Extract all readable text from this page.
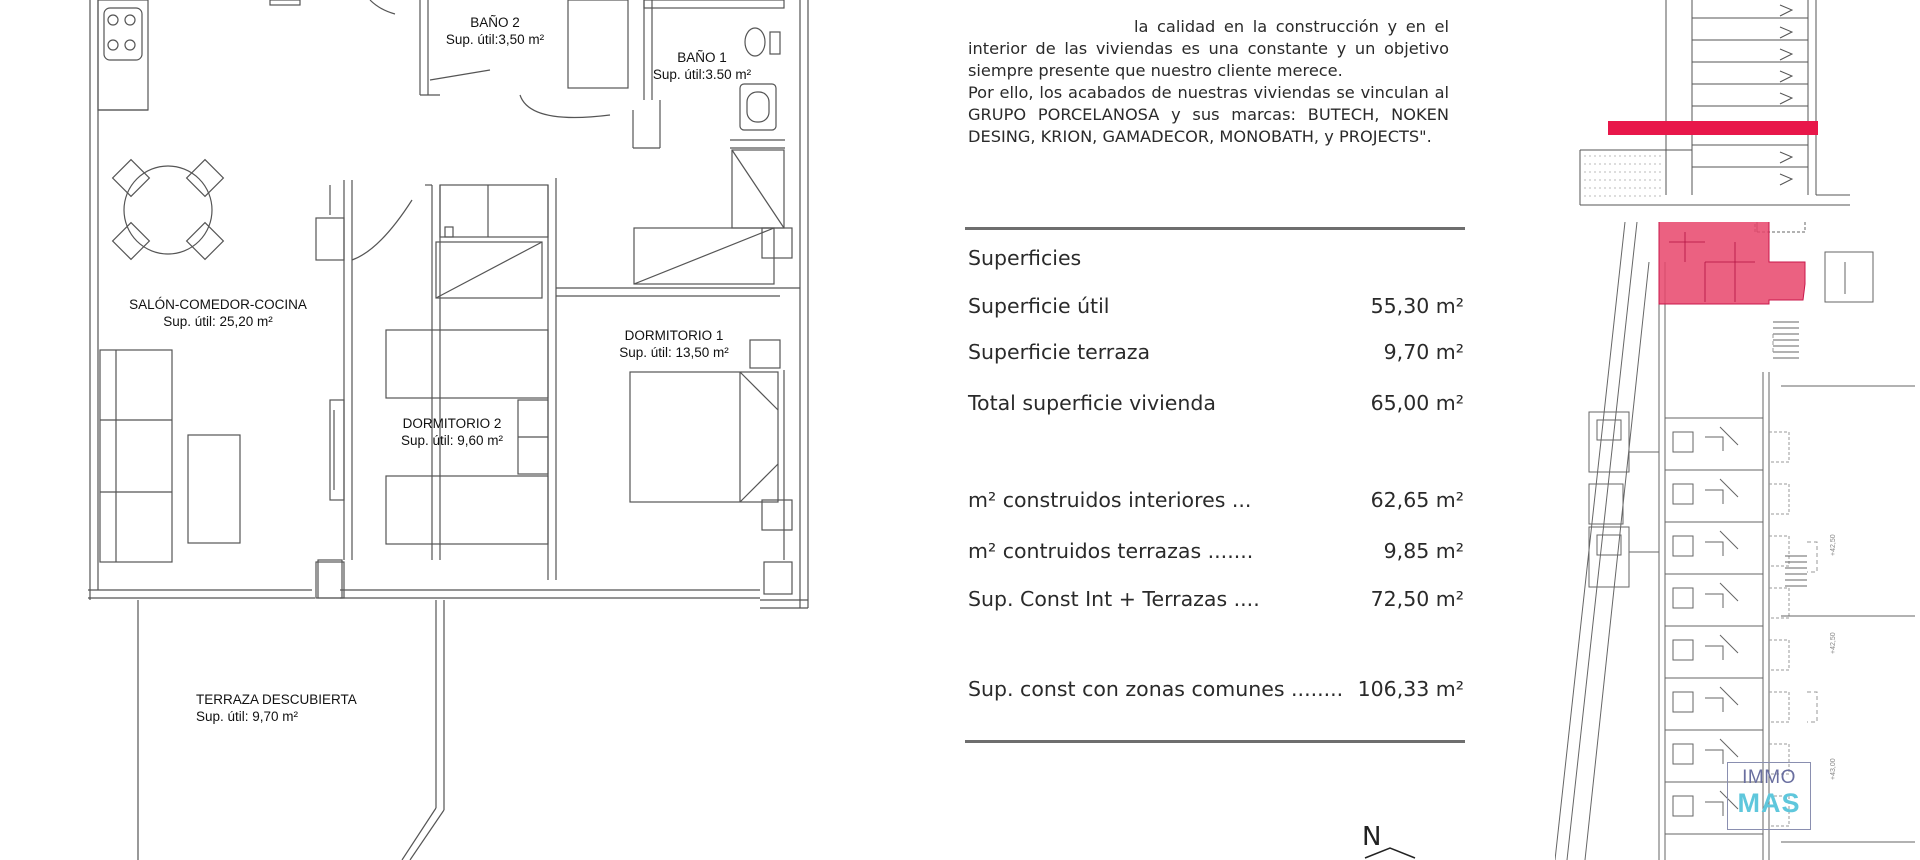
BAÑO 2
Sup. útil:3,50 m²
BAÑO 1
Sup. útil:3.50 m²
SALÓN-COMEDOR-COCINA
Sup. útil: 25,20 m²
DORMITORIO 1
Sup. útil: 13,50 m²
DORMITORIO 2
Sup. útil: 9,60 m²
TERRAZA DESCUBIERTA
Sup. útil: 9,70 m²

la calidad en la construcción y en el interior de las viviendas es una constante y un objetivo siempre presente que nuestro cliente merece.

Por ello, los acabados de nuestras viviendas se vinculan al GRUPO PORCELANOSA y sus marcas: BUTECH, NOKEN DESING, KRION, GAMADECOR, MONOBATH, y PROJECTS".

Superficies
Superficie útil	55,30 m²
Superficie terraza	9,70 m²
Total superficie vivienda	65,00 m²
m² construidos interiores ...	62,65 m²
m² contruidos terrazas .......	9,85 m²
Sup. Const Int + Terrazas ....	72,50 m²
Sup. const con zonas comunes ........ 106,33 m²
N
+42,50
+42,50
+43,00
IMMO
MAS
